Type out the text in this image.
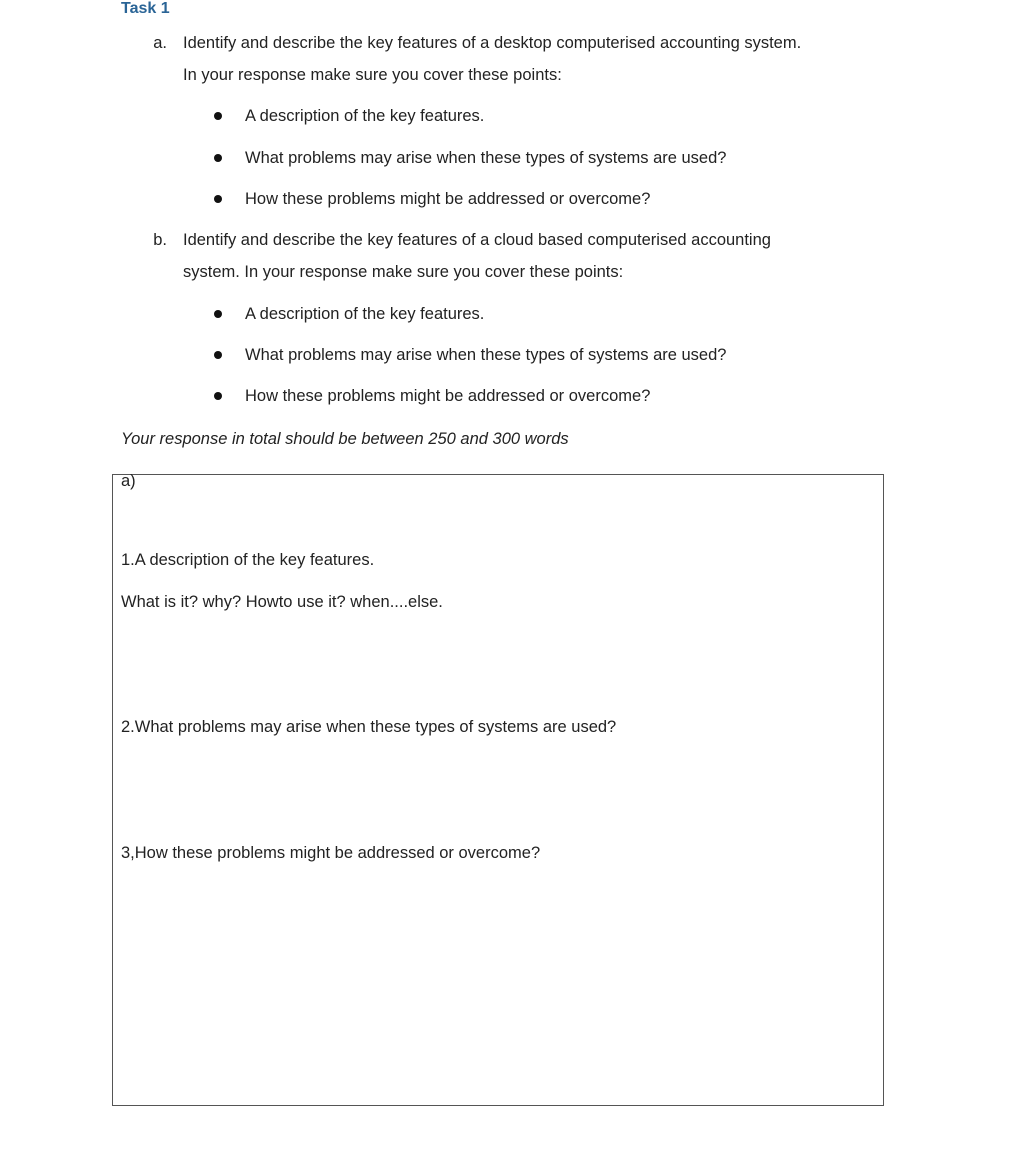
Task 1
a. Identify and describe the key features of a desktop computerised accounting system.
In your response make sure you cover these points:
A description of the key features.
What problems may arise when these types of systems are used?
How these problems might be addressed or overcome?
b. Identify and describe the key features of a cloud based computerised accounting
system. In your response make sure you cover these points:
A description of the key features.
What problems may arise when these types of systems are used?
How these problems might be addressed or overcome?
Your response in total should be between 250 and 300 words
a)
1.A description of the key features.
What is it? why? Howto use it? when....else.
2.What problems may arise when these types of systems are used?
3,How these problems might be addressed or overcome?
